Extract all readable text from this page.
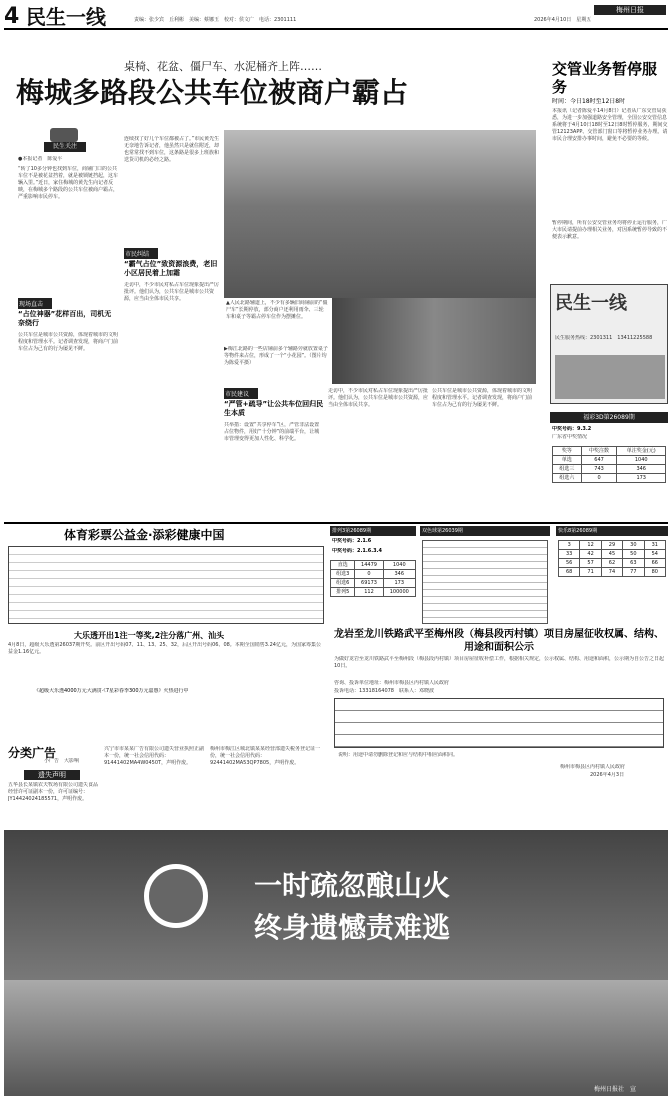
4 民生一线	责编：张少宾　丘利彬　美编：蔡娜玉　校对：侯文广　电话：2301111	2026年4月10日　星期五
梅州日报
桌椅、花盆、僵尸车、水泥桶齐上阵……
梅城多路段公共车位被商户霸占
民生关注
●本报记者　陈爱平
“转了10多分钟也找到车位，商铺门口的公共车位不是被花盆挡着，就是被锁链挡起，这车辆入里。”近日，家住梅城的黄先生向记者反映，在梅城多个路段的公共车位被商户霸占，严重影响市民停车。
现场直击
“占位神器”花样百出，司机无奈绕行
公共车位是城市公共资源，体现着城市的文明程度和管理水平。记者调查发现，将商户门前车位占为己有的行为屡见不鲜。
连续找了好几个车位都被占了。”市民黄先生无奈地告诉记者，他虽然只是就住附近，却也常常找不到车位，这条路是很多上班族和送货司机的必经之路。
市民纠结
“霸气占位”致资源浪费，老旧小区居民着上加霜
走访中，不少市民对私占车位现象提出严厉批评。他们认为，公共车位是城市公共资源，应当由全体市民共享。
市民建议
“严管+疏导”让公共车位回归民生本质
共举措：设置“共享停车”区，严管非法设置占位物件，用好“十分钟”的前端平台，让城市管理变得更加人性化、科学化。
走访中，不少市民对私占车位现象提出严厉批评。他们认为，公共车位是城市公共资源，应当由全体市民共享。
公共车位是城市公共资源，体现着城市的文明程度和管理水平。记者调查发现，将商户门前车位占为己有的行为屡见不鲜。
▲人民北路辅道上，不少有多辆旧商铺前的“僵尸车”长期停放，部分商户还利用雨伞、三轮车和桌子等霸占停车位作为摆摊位。
▶梅江北路的一些店铺前多个辅路旁就放置桌子等物件来占位，形成了一个“小花园”。（图片均为陈爱平摄）
交管业务暂停服务
时间：今日18时至12日8时
本报讯（记者陈爱平14月8日）记者从广东交管局获悉，为进一步加强道路安全管理，全国公安交管信息系统将于4月10日18时至12日8时暂停服务，期间交管12123APP、交管部门窗口等将暂停业务办理。请市民合理安排办事时间，避免不必要的等候。
暂停期间，所有公安交管业务均将停止运行服务，广大市民请提前办理相关业务，对因系统暂停导致的不便表示歉意。
民生一线
民生服务热线：2301311　13411225588
福彩3D第26089期
中奖号码：9.3.2
广东省中奖情况
奖等	中奖注数	单注奖金(元)
单选	647	1040
组选三	743	346
组选六	0	173
体育彩票公益金·添彩健康中国
大乐透开出1注一等奖,2注分落广州、汕头
4月8日，超级大乐透第26037期开奖。前区开出号码07、11、13、25、32，后区开出号码06、08。本期全国销售3.24亿元，为国家筹集公益金1.16亿元。
《超级大乐透4000万元大满贯·《7星彩春季300万元嘉惠》火热进行中
排列3第26089期
中奖号码：2.1.6
中奖号码：2.1.6.3.4
直选	14479	1040
组选3	0	346
组选6	69173	173
排列5	112	100000
双色球第26039期	快乐8第26089期
3	12	29	30	31
33	42	45	50	54
56	57	62	63	66
68	71	74	77	80
龙岩至龙川铁路武平至梅州段（梅县段丙村镇）项目房屋征收权属、结构、用途和面积公示
为做好龙岩至龙川铁路武平至梅州段（梅县段丙村镇）项目房屋征收补偿工作，根据相关规定，公示权属、结构、用途和面积，公示期为自公告之日起10日。
咨询、投诉单位地址：梅州市梅县区丙村镇人民政府
投诉电话：13318164078　联系人：邓晓波
说明：用途中请勿删除登记和应与结构中相应面积同。
梅州市梅县区丙村镇人民政府
2026年4月3日
分类广告
小广告　大影响
遗失声明
五华县长某镇农夫牧场有限公司遗失食品经营许可证副本一份，许可证编号：JY14424024185571，声明作废。
兴宁市市某某广告有限公司遗失营业执照正副本一份，统一社会信用代码：91441402MA4W0450T，声明作废。
梅州市梅江区城北镇某某经营部遗失税务登记证一份，统一社会信用代码：92441402MA53QP7805，声明作废。
一时疏忽酿山火
终身遗憾责难逃
梅州日报社　宣
